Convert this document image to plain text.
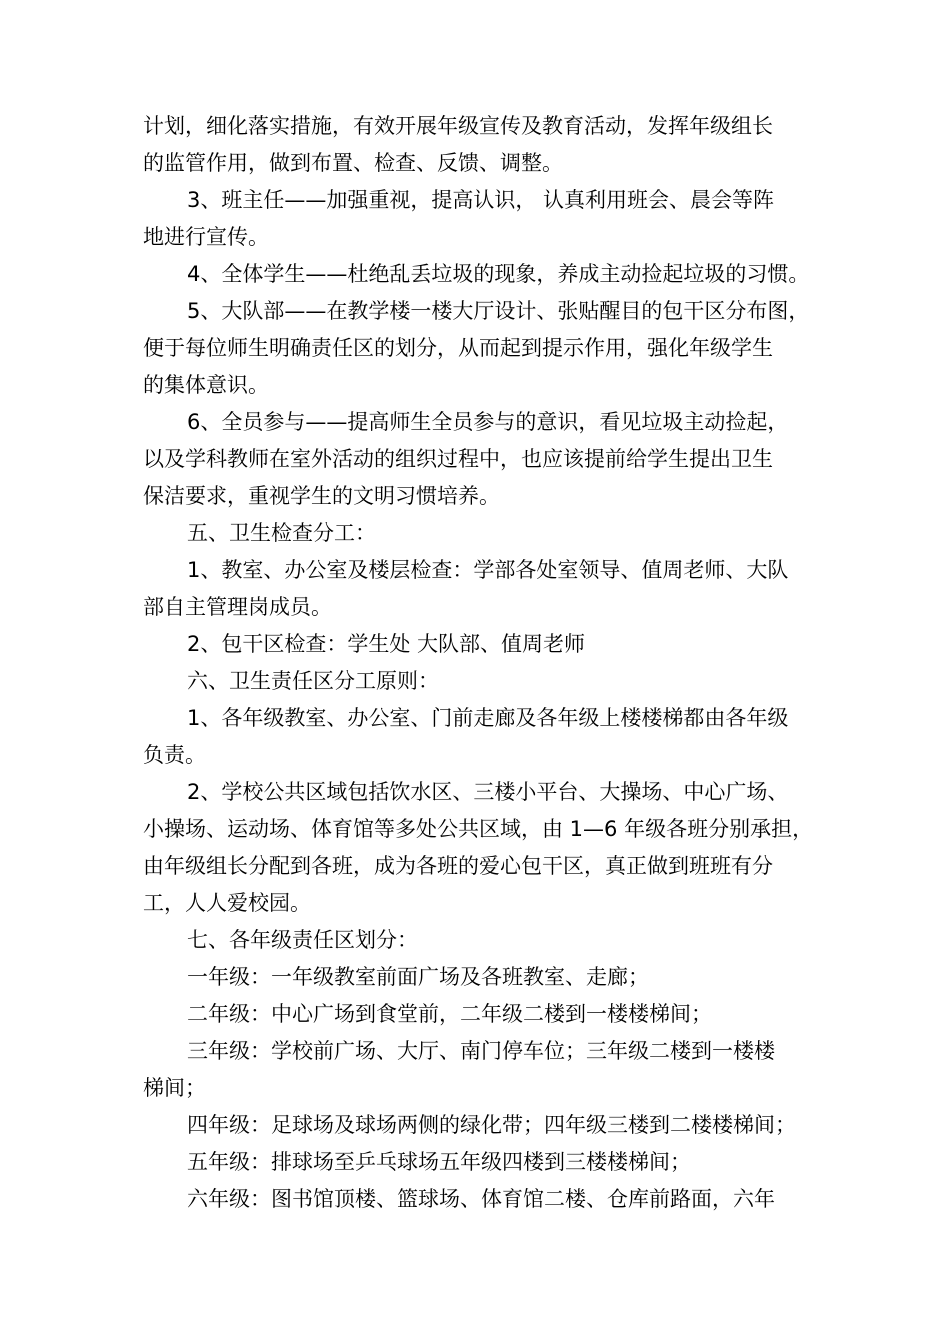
计划，细化落实措施，有效开展年级宣传及教育活动，发挥年级组长
的监管作用，做到布置、检查、反馈、调整。
3、班主任——加强重视，提高认识， 认真利用班会、晨会等阵
地进行宣传。
4、全体学生——杜绝乱丢垃圾的现象，养成主动捡起垃圾的习惯。
5、大队部——在教学楼一楼大厅设计、张贴醒目的包干区分布图，
便于每位师生明确责任区的划分，从而起到提示作用，强化年级学生
的集体意识。
6、全员参与——提高师生全员参与的意识，看见垃圾主动捡起，
以及学科教师在室外活动的组织过程中，也应该提前给学生提出卫生
保洁要求，重视学生的文明习惯培养。
五、卫生检查分工：
1、教室、办公室及楼层检查：学部各处室领导、值周老师、大队
部自主管理岗成员。
2、包干区检查：学生处 大队部、值周老师
六、卫生责任区分工原则：
1、各年级教室、办公室、门前走廊及各年级上楼楼梯都由各年级
负责。
2、学校公共区域包括饮水区、三楼小平台、大操场、中心广场、
小操场、运动场、体育馆等多处公共区域，由 1—6 年级各班分别承担，
由年级组长分配到各班，成为各班的爱心包干区，真正做到班班有分
工，人人爱校园。
七、各年级责任区划分：
一年级：一年级教室前面广场及各班教室、走廊；
二年级：中心广场到食堂前，二年级二楼到一楼楼梯间；
三年级：学校前广场、大厅、南门停车位；三年级二楼到一楼楼
梯间；
四年级：足球场及球场两侧的绿化带；四年级三楼到二楼楼梯间；
五年级：排球场至乒乓球场五年级四楼到三楼楼梯间；
六年级：图书馆顶楼、篮球场、体育馆二楼、仓库前路面，六年
